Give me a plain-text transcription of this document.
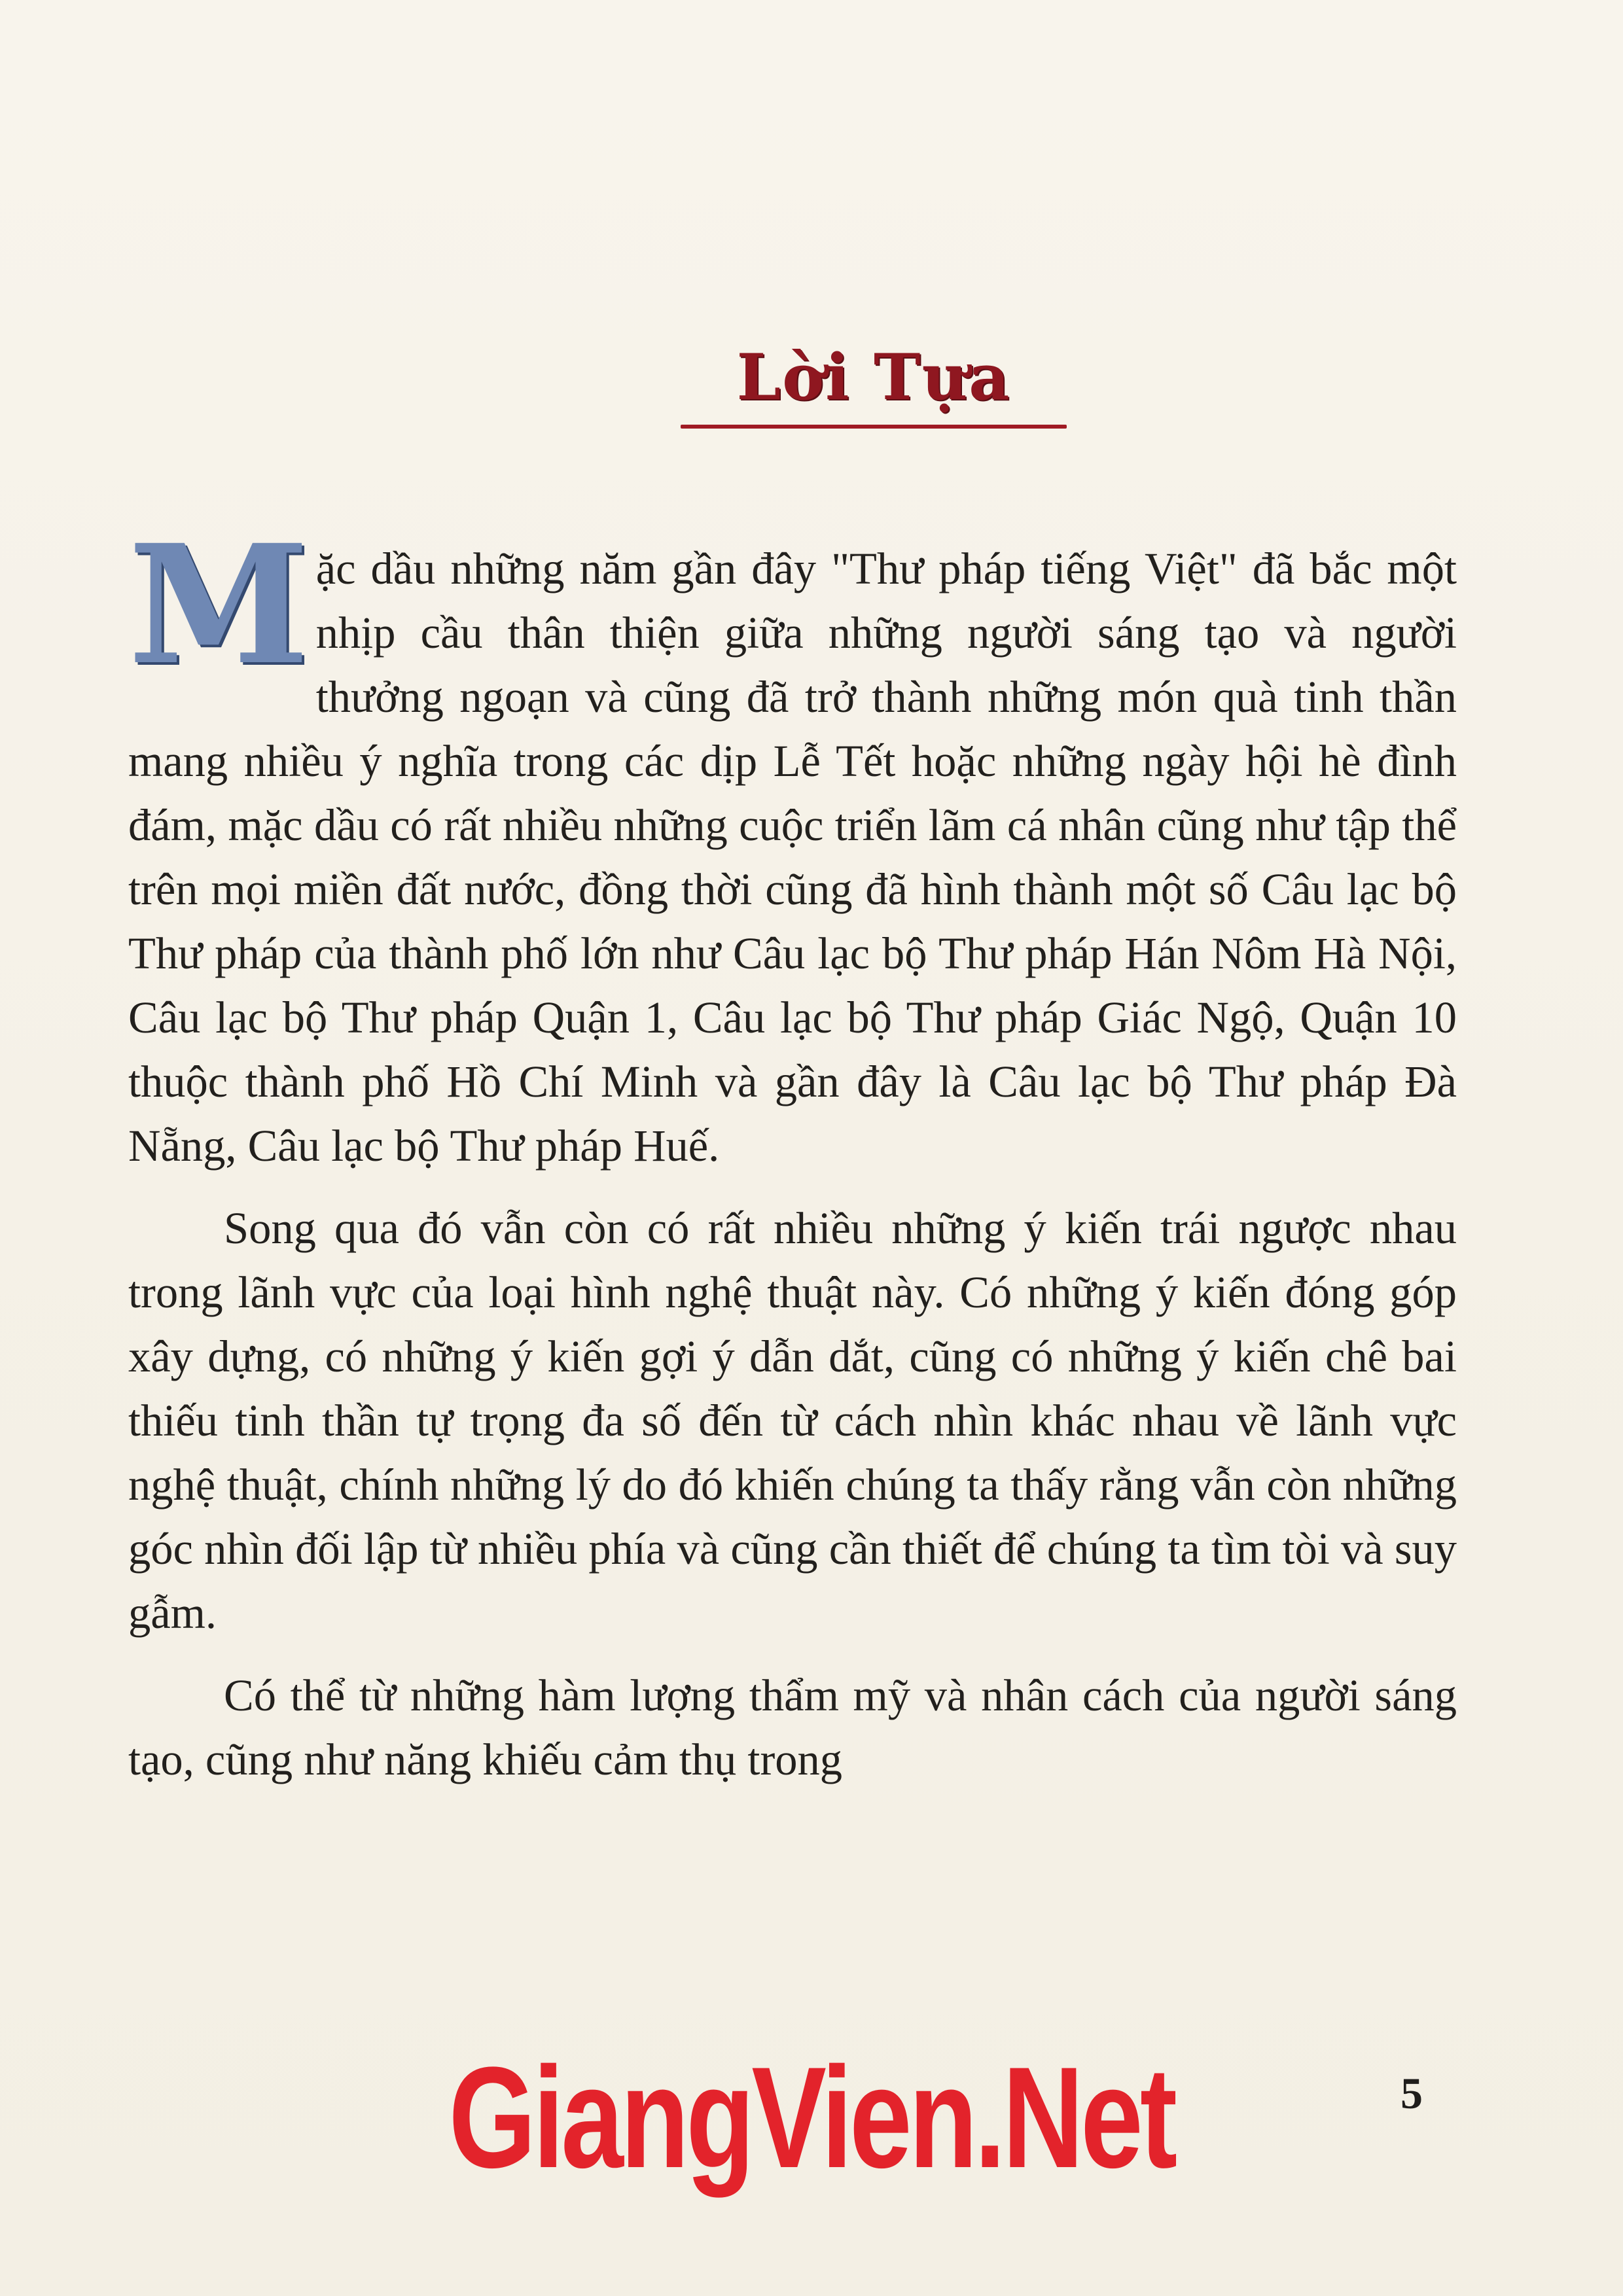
Lời Tựa

Mặc dầu những năm gần đây "Thư pháp tiếng Việt" đã bắc một nhịp cầu thân thiện giữa những người sáng tạo và người thưởng ngoạn và cũng đã trở thành những món quà tinh thần mang nhiều ý nghĩa trong các dịp Lễ Tết hoặc những ngày hội hè đình đám, mặc dầu có rất nhiều những cuộc triển lãm cá nhân cũng như tập thể trên mọi miền đất nước, đồng thời cũng đã hình thành một số Câu lạc bộ Thư pháp của thành phố lớn như Câu lạc bộ Thư pháp Hán Nôm Hà Nội, Câu lạc bộ Thư pháp Quận 1, Câu lạc bộ Thư pháp Giác Ngộ, Quận 10 thuộc thành phố Hồ Chí Minh và gần đây là Câu lạc bộ Thư pháp Đà Nẵng, Câu lạc bộ Thư pháp Huế.

Song qua đó vẫn còn có rất nhiều những ý kiến trái ngược nhau trong lãnh vực của loại hình nghệ thuật này. Có những ý kiến đóng góp xây dựng, có những ý kiến gợi ý dẫn dắt, cũng có những ý kiến chê bai thiếu tinh thần tự trọng đa số đến từ cách nhìn khác nhau về lãnh vực nghệ thuật, chính những lý do đó khiến chúng ta thấy rằng vẫn còn những góc nhìn đối lập từ nhiều phía và cũng cần thiết để chúng ta tìm tòi và suy gẫm.

Có thể từ những hàm lượng thẩm mỹ và nhân cách của người sáng tạo, cũng như năng khiếu cảm thụ trong

GiangVien.Net	5
